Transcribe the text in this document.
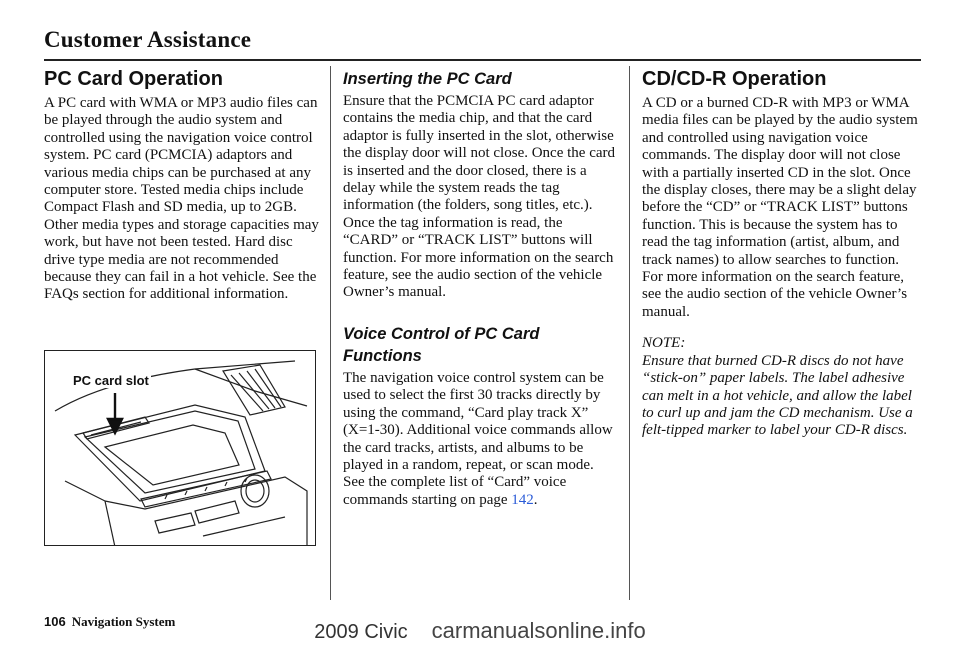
Customer Assistance
PC Card Operation

A PC card with WMA or MP3 audio files can be played through the audio system and controlled using the navigation voice control system. PC card (PCMCIA) adaptors and various media chips can be purchased at any computer store. Tested media chips include Compact Flash and SD media, up to 2GB. Other media types and storage capacities may work, but have not been tested. Hard disc drive type media are not recommended because they can fail in a hot vehicle. See the FAQs section for additional information.

PC card slot
Inserting the PC Card

Ensure that the PCMCIA PC card adaptor contains the media chip, and that the card adaptor is fully inserted in the slot, otherwise the display door will not close. Once the card is inserted and the door closed, there is a delay while the system reads the tag information (the folders, song titles, etc.). Once the tag information is read, the “CARD” or “TRACK LIST” buttons will function. For more information on the search feature, see the audio section of the vehicle Owner’s manual.

Voice Control of PC Card Functions

The navigation voice control system can be used to select the first 30 tracks directly by using the command, “Card play track X” (X=1-30). Additional voice commands allow the card tracks, artists, and albums to be played in a random, repeat, or scan mode. See the complete list of “Card” voice commands starting on page 142.

CD/CD-R Operation

A CD or a burned CD-R with MP3 or WMA media files can be played by the audio system and controlled using navigation voice commands. The display door will not close with a partially inserted CD in the slot. Once the display closes, there may be a slight delay before the “CD” or “TRACK LIST” buttons function. This is because the system has to read the tag information (artist, album, and track names) to allow searches to function. For more information on the search feature, see the audio section of the vehicle Owner’s manual.

NOTE:

Ensure that burned CD-R discs do not have “stick-on” paper labels. The label adhesive can melt in a hot vehicle, and allow the label to curl up and jam the CD mechanism. Use a felt-tipped marker to label your CD-R discs.

106 Navigation System	2009 Civic carmanualsonline.info
